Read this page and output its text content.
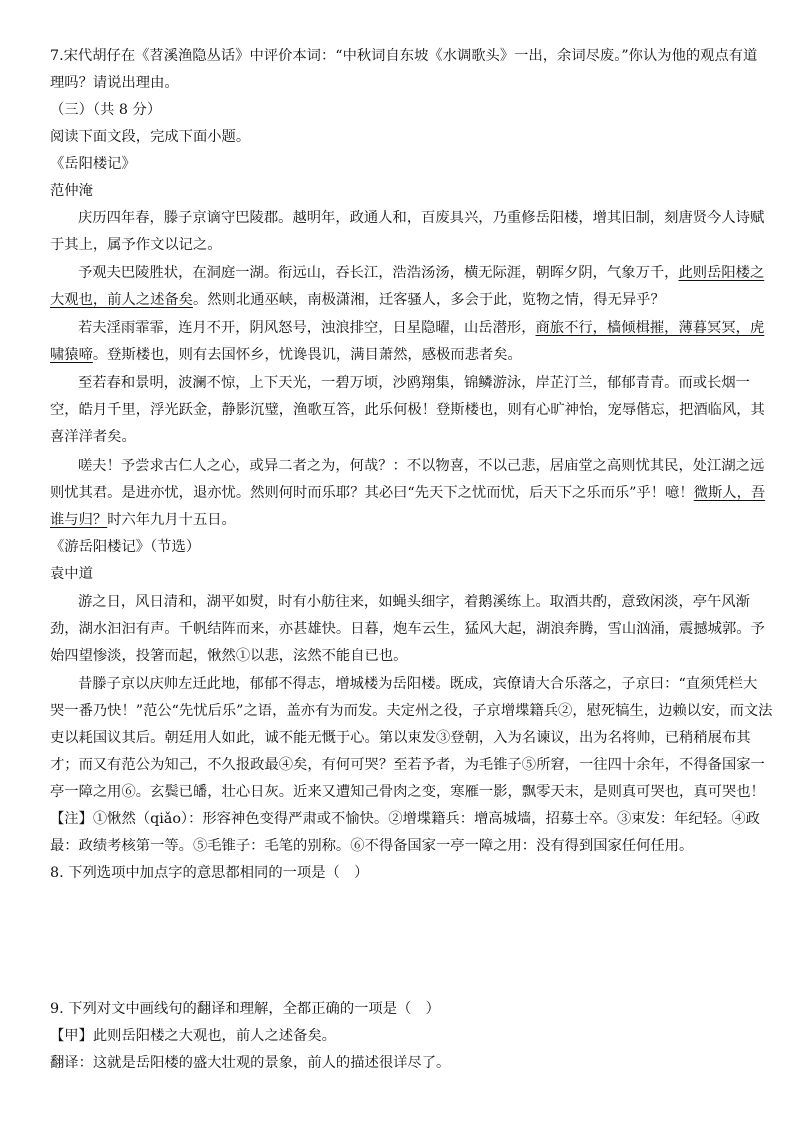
7.宋代胡仔在《苕溪渔隐丛话》中评价本词：“中秋词自东坡《水调歌头》一出，余词尽废。”你认为他的观点有道
理吗？请说出理由。
（三）（共 8 分）
阅读下面文段，完成下面小题。
《岳阳楼记》
范仲淹
庆历四年春，滕子京谪守巴陵郡。越明年，政通人和，百废具兴，乃重修岳阳楼，增其旧制，刻唐贤今人诗赋
于其上，属予作文以记之。
予观夫巴陵胜状，在洞庭一湖。衔远山，吞长江，浩浩汤汤，横无际涯，朝晖夕阴，气象万千，此则岳阳楼之
大观也，前人之述备矣。然则北通巫峡，南极潇湘，迁客骚人，多会于此，览物之情，得无异乎？
若夫淫雨霏霏，连月不开，阴风怒号，浊浪排空，日星隐曜，山岳潜形，商旅不行，樯倾楫摧，薄暮冥冥，虎
啸猿啼。登斯楼也，则有去国怀乡，忧谗畏讥，满目萧然，感极而悲者矣。
至若春和景明，波澜不惊，上下天光，一碧万顷，沙鸥翔集，锦鳞游泳，岸芷汀兰，郁郁青青。而或长烟一
空，皓月千里，浮光跃金，静影沉璧，渔歌互答，此乐何极！登斯楼也，则有心旷神怡，宠辱偕忘，把酒临风，其
喜洋洋者矣。
嗟夫！予尝求古仁人之心，或异二者之为，何哉？：不以物喜，不以己悲，居庙堂之高则忧其民，处江湖之远
则忧其君。是进亦忧，退亦忧。然则何时而乐耶？其必曰“先天下之忧而忧，后天下之乐而乐”乎！噫！微斯人，吾
谁与归？时六年九月十五日。
《游岳阳楼记》（节选）
袁中道
游之日，风日清和，湖平如熨，时有小舫往来，如蝇头细字，着鹅溪练上。取酒共酌，意致闲淡，亭午风渐
劲，湖水汩汩有声。千帆结阵而来，亦甚雄快。日暮，炮车云生，猛风大起，湖浪奔腾，雪山汹涌，震撼城郭。予
始四望惨淡，投箸而起，愀然①以悲，泫然不能自已也。
昔滕子京以庆帅左迁此地，郁郁不得志，增城楼为岳阳楼。既成，宾僚请大合乐落之，子京曰：“直须凭栏大
哭一番乃快！”范公“先忧后乐”之语，盖亦有为而发。夫定州之役，子京增堞籍兵②，慰死犒生，边赖以安，而文法
吏以耗国议其后。朝廷用人如此，诚不能无慨于心。第以束发③登朝，入为名谏议，出为名将帅，已稍稍展布其
才；而又有范公为知己，不久报政最④矣，有何可哭？至若予者，为毛锥子⑤所窘，一往四十余年，不得备国家一
亭一障之用⑥。玄鬓已皤，壮心日灰。近来又遭知己骨肉之变，寒雁一影，飘零天末，是则真可哭也，真可哭也！
【注】①愀然（qiǎo）：形容神色变得严肃或不愉快。②增堞籍兵：增高城墙，招募士卒。③束发：年纪轻。④政
最：政绩考核第一等。⑤毛锥子：毛笔的别称。⑥不得备国家一亭一障之用：没有得到国家任何任用。
8. 下列选项中加点字的意思都相同的一项是（　）
9. 下列对文中画线句的翻译和理解，全都正确的一项是（　）
【甲】此则岳阳楼之大观也，前人之述备矣。
翻译：这就是岳阳楼的盛大壮观的景象，前人的描述很详尽了。
